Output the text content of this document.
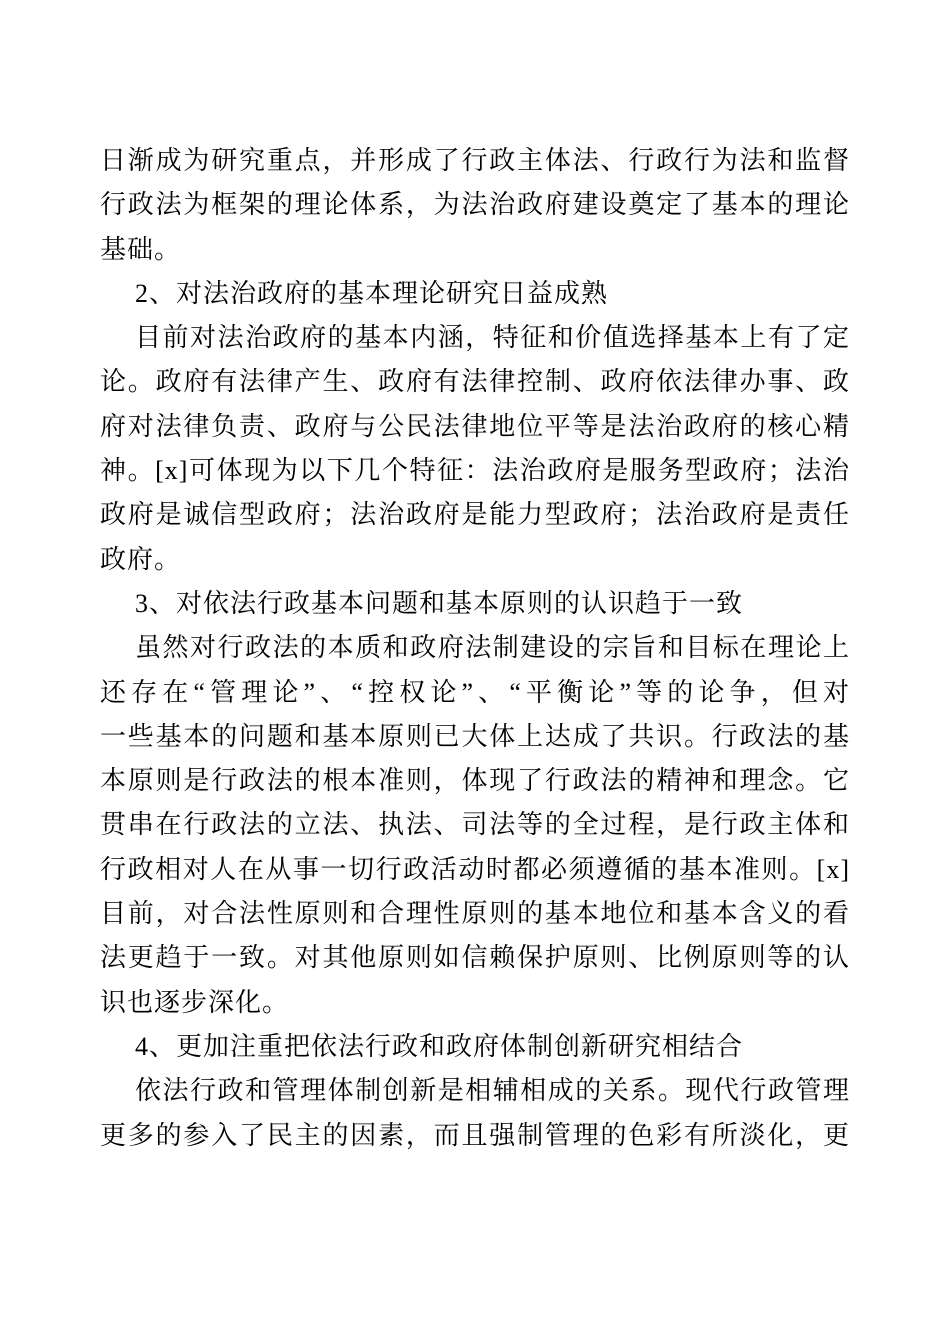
日渐成为研究重点，并形成了行政主体法、行政行为法和监督
行政法为框架的理论体系，为法治政府建设奠定了基本的理论
基础。
2、对法治政府的基本理论研究日益成熟
目前对法治政府的基本内涵，特征和价值选择基本上有了定
论。政府有法律产生、政府有法律控制、政府依法律办事、政
府对法律负责、政府与公民法律地位平等是法治政府的核心精
神。[x]可体现为以下几个特征：法治政府是服务型政府；法治
政府是诚信型政府；法治政府是能力型政府；法治政府是责任
政府。
3、对依法行政基本问题和基本原则的认识趋于一致
虽然对行政法的本质和政府法制建设的宗旨和目标在理论上
还存在“管理论”、“控权论”、“平衡论”等的论争，但对
一些基本的问题和基本原则已大体上达成了共识。行政法的基
本原则是行政法的根本准则，体现了行政法的精神和理念。它
贯串在行政法的立法、执法、司法等的全过程，是行政主体和
行政相对人在从事一切行政活动时都必须遵循的基本准则。[x]
目前，对合法性原则和合理性原则的基本地位和基本含义的看
法更趋于一致。对其他原则如信赖保护原则、比例原则等的认
识也逐步深化。
4、更加注重把依法行政和政府体制创新研究相结合
依法行政和管理体制创新是相辅相成的关系。现代行政管理
更多的参入了民主的因素，而且强制管理的色彩有所淡化，更
